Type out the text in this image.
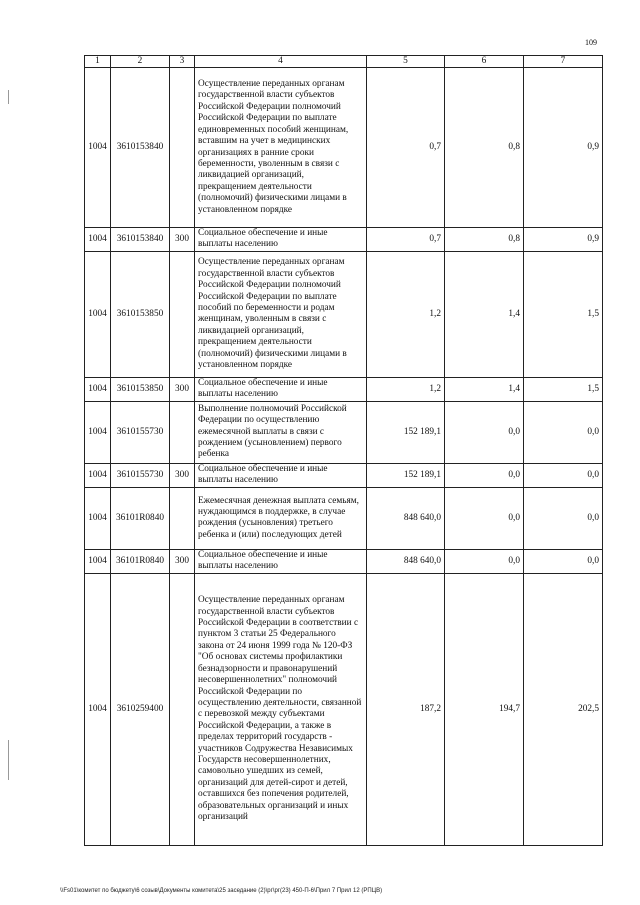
109
1	2	3	4	5	6	7
1004	3610153840		Осуществление переданных органам государственной власти субъектов Российской Федерации полномочий Российской Федерации по выплате единовременных пособий женщинам, вставшим на учет в медицинских организациях в ранние сроки беременности, уволенным в связи с ликвидацией организаций, прекращением деятельности (полномочий) физическими лицами в установленном порядке	0,7	0,8	0,9
1004	3610153840	300	Социальное обеспечение и иные выплаты населению	0,7	0,8	0,9
1004	3610153850		Осуществление переданных органам государственной власти субъектов Российской Федерации полномочий Российской Федерации по выплате пособий по беременности и родам женщинам, уволенным в связи с ликвидацией организаций, прекращением деятельности (полномочий) физическими лицами в установленном порядке	1,2	1,4	1,5
1004	3610153850	300	Социальное обеспечение и иные выплаты населению	1,2	1,4	1,5
1004	3610155730		Выполнение полномочий Российской Федерации по осуществлению ежемесячной выплаты в связи с рождением (усыновлением) первого ребенка	152 189,1	0,0	0,0
1004	3610155730	300	Социальное обеспечение и иные выплаты населению	152 189,1	0,0	0,0
1004	36101R0840		Ежемесячная денежная выплата семьям, нуждающимся в поддержке, в случае рождения (усыновления) третьего ребенка и (или) последующих детей	848 640,0	0,0	0,0
1004	36101R0840	300	Социальное обеспечение и иные выплаты населению	848 640,0	0,0	0,0
1004	3610259400		Осуществление переданных органам государственной власти субъектов Российской Федерации в соответствии с пунктом 3 статьи 25 Федерального закона от 24 июня 1999 года № 120-ФЗ "Об основах системы профилактики безнадзорности и правонарушений несовершеннолетних" полномочий Российской Федерации по осуществлению деятельности, связанной с перевозкой между субъектами Российской Федерации, а также в пределах территорий государств - участников Содружества Независимых Государств несовершеннолетних, самовольно ушедших из семей, организаций для детей-сирот и детей, оставшихся без попечения родителей, образовательных организаций и иных организаций	187,2	194,7	202,5
\\Fs01\комитет по бюджету\6 созыв\Документы комитета\25 заседание (2)\рг\рг(23) 450-П-6\Прил 7 Прил 12 (РПЦВ)
